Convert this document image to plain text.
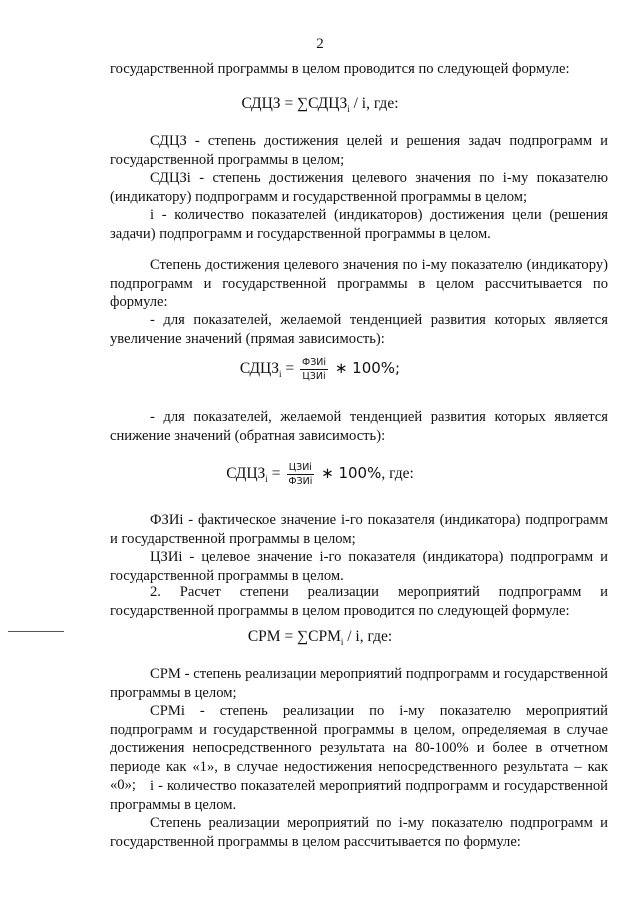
2

государственной программы в целом проводится по следующей формуле:

СДЦЗ = $\sum СДЦЗ_i$ / i, где:

СДЦЗ - степень достижения целей и решения задач подпрограмм и государственной программы в целом;

СДЦЗi - степень достижения целевого значения по i-му показателю (индикатору) подпрограмм и государственной программы в целом;

i - количество показателей (индикаторов) достижения цели (решения задачи) подпрограмм и государственной программы в целом.

Степень достижения целевого значения по i-му показателю (индикатору) подпрограмм и государственной программы в целом рассчитывается по формуле:

- для показателей, желаемой тенденцией развития которых является увеличение значений (прямая зависимость):

$СДЦЗ_i = \frac{\text{ФЗИi}}{\text{ЦЗИi}}$ ∗ 100%;

- для показателей, желаемой тенденцией развития которых является снижение значений (обратная зависимость):

$СДЦЗ_i = \frac{\text{ЦЗИi}}{\text{ФЗИi}}$ ∗ 100%, где:

ФЗИi - фактическое значение i-го показателя (индикатора) подпрограмм и государственной программы в целом;

ЦЗИi - целевое значение i-го показателя (индикатора) подпрограмм и государственной программы в целом.

2. Расчет степени реализации мероприятий подпрограмм и государственной программы в целом проводится по следующей формуле:

СРМ = $\sum СРМ_i$ / i, где:

СРМ - степень реализации мероприятий подпрограмм и государственной программы в целом;

СРМi - степень реализации по i-му показателю мероприятий подпрограмм и государственной программы в целом, определяемая в случае достижения непосредственного результата на 80-100% и более в отчетном периоде как «1», в случае недостижения непосредственного результата – как «0»; i - количество показателей мероприятий подпрограмм и государственной программы в целом.

Степень реализации мероприятий по i-му показателю подпрограмм и государственной программы в целом рассчитывается по формуле:
